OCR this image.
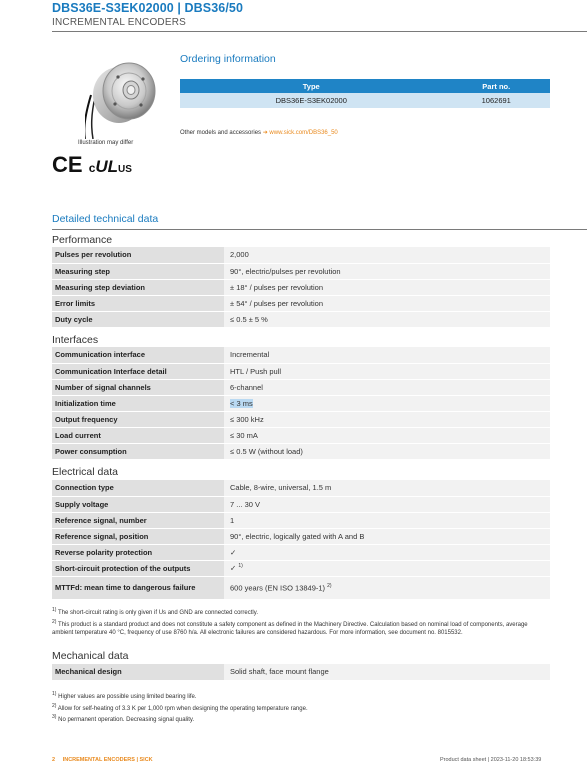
DBS36E-S3EK02000 | DBS36/50
INCREMENTAL ENCODERS
Illustration may differ
CE cULUS
Ordering information
Type	Part no.
DBS36E-S3EK02000	1062691
Other models and accessories ➜ www.sick.com/DBS36_50
Detailed technical data
Performance
Pulses per revolution	2,000
Measuring step	90°, electric/pulses per revolution
Measuring step deviation	± 18° / pulses per revolution
Error limits	± 54° / pulses per revolution
Duty cycle	≤ 0.5 ± 5 %
Interfaces
Communication interface	Incremental
Communication Interface detail	HTL / Push pull
Number of signal channels	6-channel
Initialization time	< 3 ms
Output frequency	≤ 300 kHz
Load current	≤ 30 mA
Power consumption	≤ 0.5 W (without load)
Electrical data
Connection type	Cable, 8-wire, universal, 1.5 m
Supply voltage	7 ... 30 V
Reference signal, number	1
Reference signal, position	90°, electric, logically gated with A and B
Reverse polarity protection	✓
Short-circuit protection of the outputs	✓ $^{1)}$
MTTFd: mean time to dangerous failure	600 years (EN ISO 13849-1) $^{2)}$
$^{1)}$ The short-circuit rating is only given if Us and GND are connected correctly.
$^{2)}$ This product is a standard product and does not constitute a safety component as defined in the Machinery Directive. Calculation based on nominal load of components, average ambient temperature 40 °C, frequency of use 8760 h/a. All electronic failures are considered hazardous. For more information, see document no. 8015532.
Mechanical data
Mechanical design	Solid shaft, face mount flange
$^{1)}$ Higher values are possible using limited bearing life.
$^{2)}$ Allow for self-heating of 3.3 K per 1,000 rpm when designing the operating temperature range.
$^{3)}$ No permanent operation. Decreasing signal quality.
2     INCREMENTAL ENCODERS | SICK	Product data sheet | 2023-11-20 18:53:39
